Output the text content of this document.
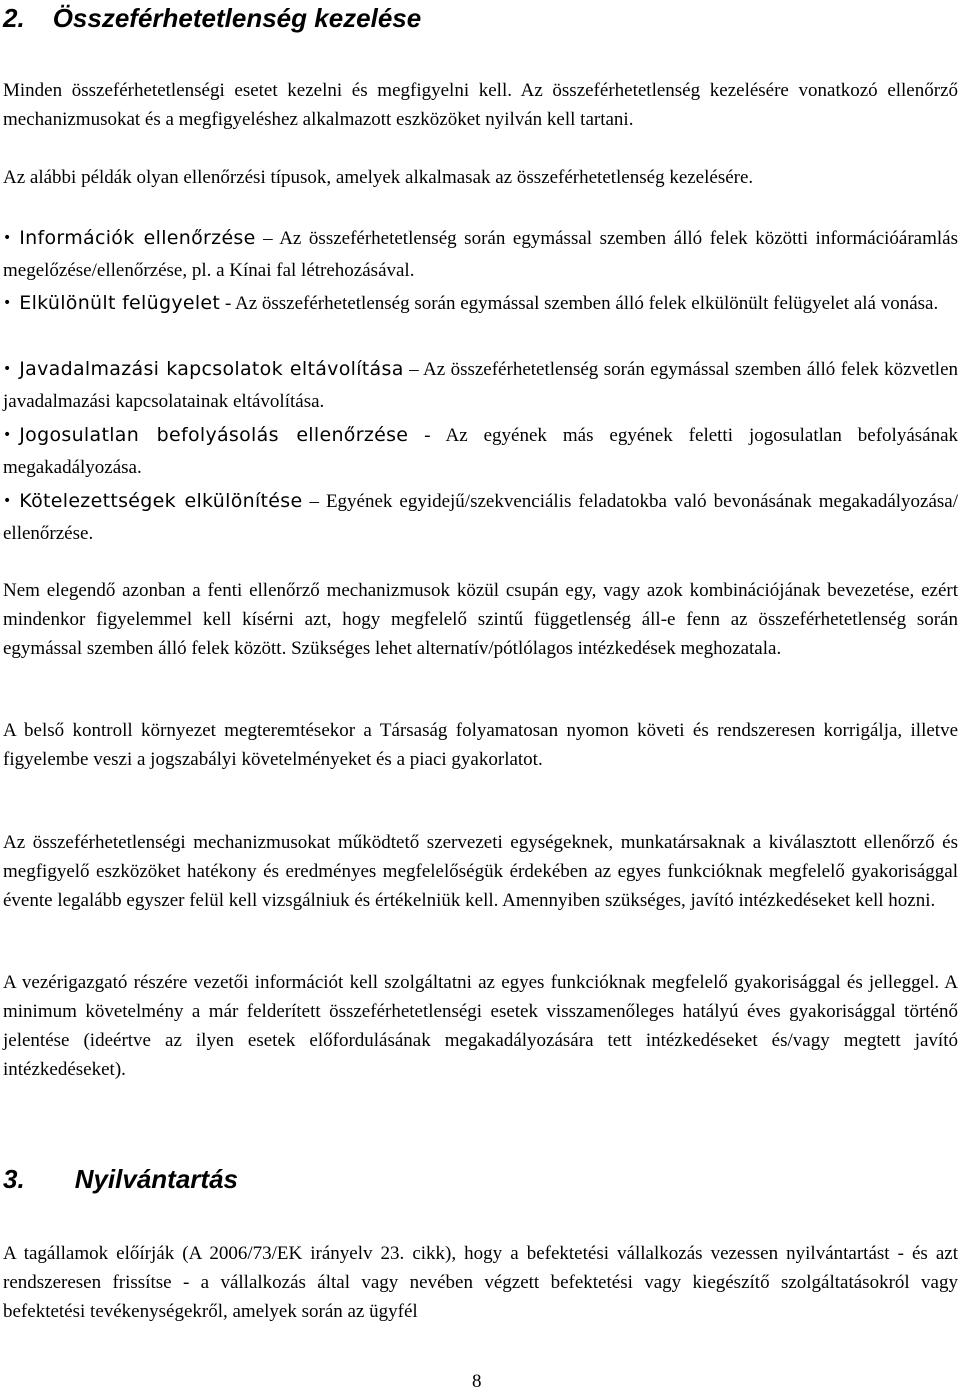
2. Összeférhetetlenség kezelése

Minden összeférhetetlenségi esetet kezelni és megfigyelni kell. Az összeférhetetlenség kezelésére vonatkozó ellenőrző mechanizmusokat és a megfigyeléshez alkalmazott eszközöket nyilván kell tartani.

Az alábbi példák olyan ellenőrzési típusok, amelyek alkalmasak az összeférhetetlenség kezelésére.

• Információk ellenőrzése – Az összeférhetetlenség során egymással szemben álló felek közötti információáramlás megelőzése/ellenőrzése, pl. a Kínai fal létrehozásával.

• Elkülönült felügyelet - Az összeférhetetlenség során egymással szemben álló felek elkülönült felügyelet alá vonása.

• Javadalmazási kapcsolatok eltávolítása – Az összeférhetetlenség során egymással szemben álló felek közvetlen javadalmazási kapcsolatainak eltávolítása.

• Jogosulatlan befolyásolás ellenőrzése - Az egyének más egyének feletti jogosulatlan befolyásának megakadályozása.

• Kötelezettségek elkülönítése – Egyének egyidejű/szekvenciális feladatokba való bevonásának megakadályozása/ ellenőrzése.

Nem elegendő azonban a fenti ellenőrző mechanizmusok közül csupán egy, vagy azok kombinációjának bevezetése, ezért mindenkor figyelemmel kell kísérni azt, hogy megfelelő szintű függetlenség áll-e fenn az összeférhetetlenség során egymással szemben álló felek között. Szükséges lehet alternatív/pótlólagos intézkedések meghozatala.

A belső kontroll környezet megteremtésekor a Társaság folyamatosan nyomon követi és rendszeresen korrigálja, illetve figyelembe veszi a jogszabályi követelményeket és a piaci gyakorlatot.

Az összeférhetetlenségi mechanizmusokat működtető szervezeti egységeknek, munkatársaknak a kiválasztott ellenőrző és megfigyelő eszközöket hatékony és eredményes megfelelőségük érdekében az egyes funkcióknak megfelelő gyakorisággal évente legalább egyszer felül kell vizsgálniuk és értékelniük kell. Amennyiben szükséges, javító intézkedéseket kell hozni.

A vezérigazgató részére vezetői információt kell szolgáltatni az egyes funkcióknak megfelelő gyakorisággal és jelleggel. A minimum követelmény a már felderített összeférhetetlenségi esetek visszamenőleges hatályú éves gyakorisággal történő jelentése (ideértve az ilyen esetek előfordulásának megakadályozására tett intézkedéseket és/vagy megtett javító intézkedéseket).

3. Nyilvántartás

A tagállamok előírják (A 2006/73/EK irányelv 23. cikk), hogy a befektetési vállalkozás vezessen nyilvántartást - és azt rendszeresen frissítse - a vállalkozás által vagy nevében végzett befektetési vagy kiegészítő szolgáltatásokról vagy befektetési tevékenységekről, amelyek során az ügyfél

8
